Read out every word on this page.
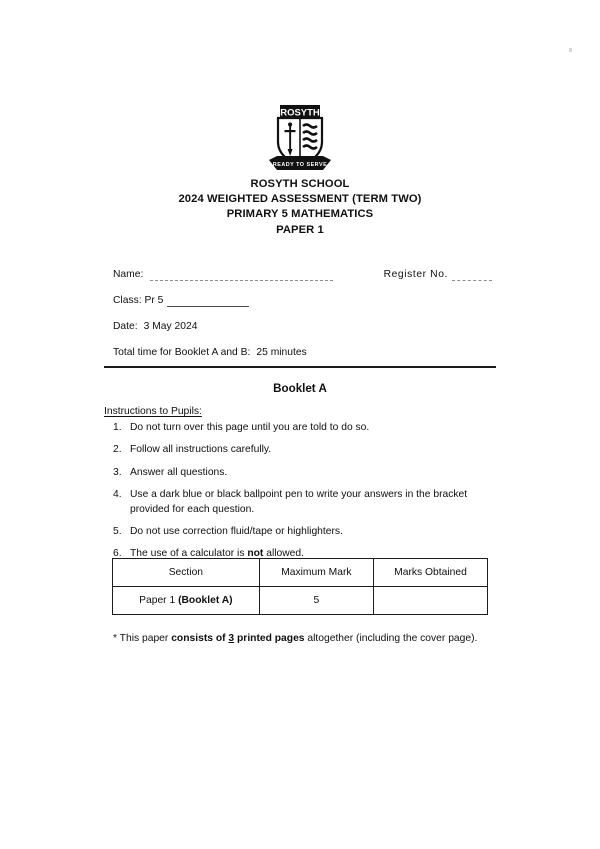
ROSYTH
READY TO SERVE
ROSYTH SCHOOL
2024 WEIGHTED ASSESSMENT (TERM TWO)
PRIMARY 5 MATHEMATICS
PAPER 1
Name:	Register No.
Class: Pr 5
Date: 3 May 2024
Total time for Booklet A and B: 25 minutes
Booklet A
Instructions to Pupils:
1. Do not turn over this page until you are told to do so.
2. Follow all instructions carefully.
3. Answer all questions.
4. Use a dark blue or black ballpoint pen to write your answers in the bracket provided for each question.
5. Do not use correction fluid/tape or highlighters.
6. The use of a calculator is not allowed.
Section	Maximum Mark	Marks Obtained
Paper 1 (Booklet A)	5	
* This paper consists of 3 printed pages altogether (including the cover page).
